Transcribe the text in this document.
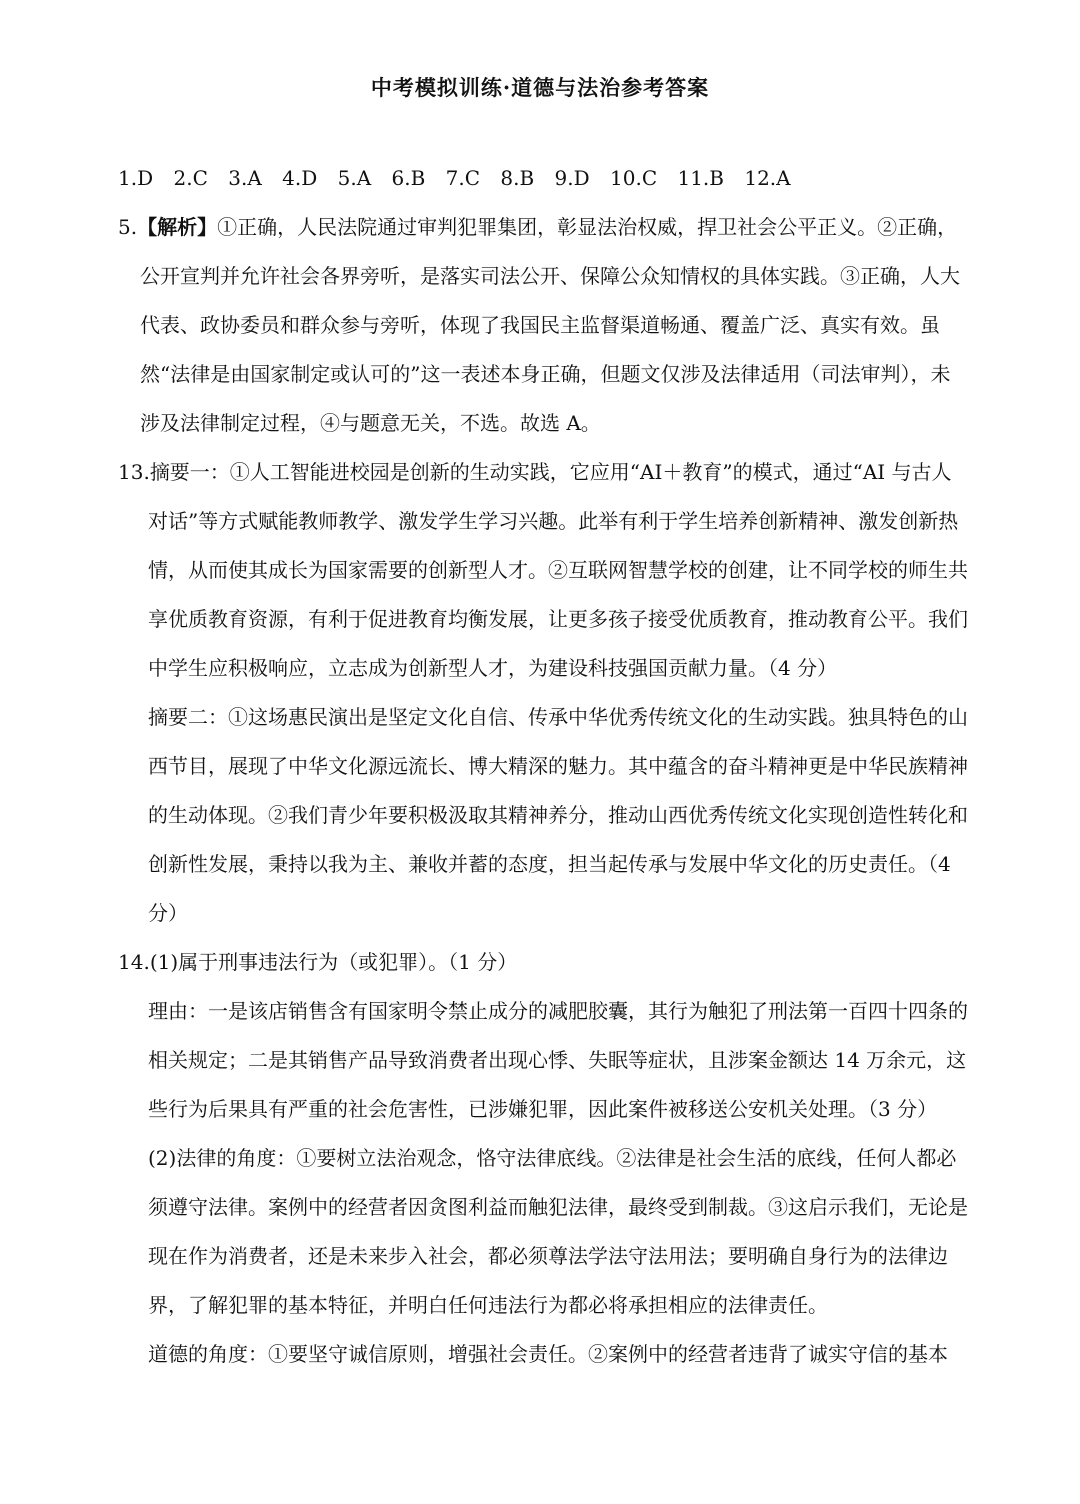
中考模拟训练·道德与法治参考答案
1.D 2.C 3.A 4.D 5.A 6.B 7.C 8.B 9.D 10.C 11.B 12.A

5.【解析】①正确，人民法院通过审判犯罪集团，彰显法治权威，捍卫社会公平正义。②正确，公开宣判并允许社会各界旁听，是落实司法公开、保障公众知情权的具体实践。③正确，人大代表、政协委员和群众参与旁听，体现了我国民主监督渠道畅通、覆盖广泛、真实有效。虽然“法律是由国家制定或认可的”这一表述本身正确，但题文仅涉及法律适用（司法审判），未涉及法律制定过程，④与题意无关，不选。故选 A。

13.摘要一：①人工智能进校园是创新的生动实践，它应用“AI＋教育”的模式，通过“AI 与古人对话”等方式赋能教师教学、激发学生学习兴趣。此举有利于学生培养创新精神、激发创新热情，从而使其成长为国家需要的创新型人才。②互联网智慧学校的创建，让不同学校的师生共享优质教育资源，有利于促进教育均衡发展，让更多孩子接受优质教育，推动教育公平。我们中学生应积极响应，立志成为创新型人才，为建设科技强国贡献力量。（4 分）

摘要二：①这场惠民演出是坚定文化自信、传承中华优秀传统文化的生动实践。独具特色的山西节目，展现了中华文化源远流长、博大精深的魅力。其中蕴含的奋斗精神更是中华民族精神的生动体现。②我们青少年要积极汲取其精神养分，推动山西优秀传统文化实现创造性转化和创新性发展，秉持以我为主、兼收并蓄的态度，担当起传承与发展中华文化的历史责任。（4 分）

14.(1)属于刑事违法行为（或犯罪）。（1 分）

理由：一是该店销售含有国家明令禁止成分的减肥胶囊，其行为触犯了刑法第一百四十四条的相关规定；二是其销售产品导致消费者出现心悸、失眠等症状，且涉案金额达 14 万余元，这些行为后果具有严重的社会危害性，已涉嫌犯罪，因此案件被移送公安机关处理。（3 分）

(2)法律的角度：①要树立法治观念，恪守法律底线。②法律是社会生活的底线，任何人都必须遵守法律。案例中的经营者因贪图利益而触犯法律，最终受到制裁。③这启示我们，无论是现在作为消费者，还是未来步入社会，都必须尊法学法守法用法；要明确自身行为的法律边界，了解犯罪的基本特征，并明白任何违法行为都必将承担相应的法律责任。

道德的角度：①要坚守诚信原则，增强社会责任。②案例中的经营者违背了诚实守信的基本
